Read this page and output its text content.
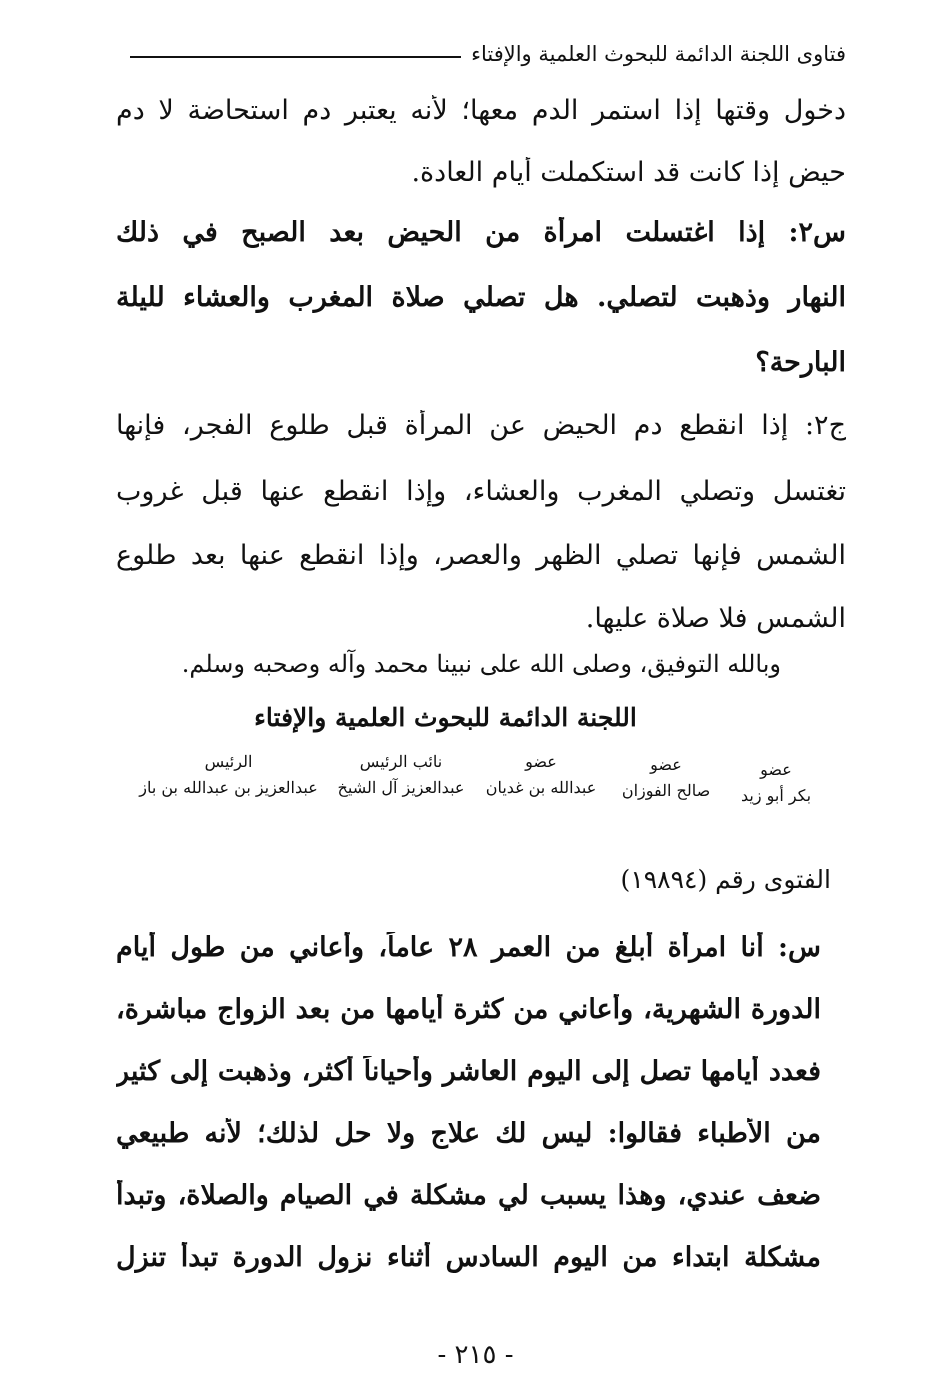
فتاوى اللجنة الدائمة للبحوث العلمية والإفتاء
دخول وقتها إذا استمر الدم معها؛ لأنه يعتبر دم استحاضة لا دم
حيض إذا كانت قد استكملت أيام العادة.
س٢: إذا اغتسلت امرأة من الحيض بعد الصبح في ذلك
النهار وذهبت لتصلي. هل تصلي صلاة المغرب والعشاء لليلة
البارحة؟
ج٢: إذا انقطع دم الحيض عن المرأة قبل طلوع الفجر، فإنها
تغتسل وتصلي المغرب والعشاء، وإذا انقطع عنها قبل غروب
الشمس فإنها تصلي الظهر والعصر، وإذا انقطع عنها بعد طلوع
الشمس فلا صلاة عليها.
وبالله التوفيق، وصلى الله على نبينا محمد وآله وصحبه وسلم.
اللجنة الدائمة للبحوث العلمية والإفتاء
عضو
بكر أبو زيد
عضو
صالح الفوزان
عضو
عبدالله بن غديان
نائب الرئيس
عبدالعزيز آل الشيخ
الرئيس
عبدالعزيز بن عبدالله بن باز
الفتوى رقم (١٩٨٩٤)
س: أنا امرأة أبلغ من العمر ٢٨ عاماً، وأعاني من طول أيام
الدورة الشهرية، وأعاني من كثرة أيامها من بعد الزواج مباشرة،
فعدد أيامها تصل إلى اليوم العاشر وأحياناً أكثر، وذهبت إلى كثير
من الأطباء فقالوا: ليس لك علاج ولا حل لذلك؛ لأنه طبيعي
ضعف عندي، وهذا يسبب لي مشكلة في الصيام والصلاة، وتبدأ
مشكلة ابتداء من اليوم السادس أثناء نزول الدورة تبدأ تنزل
- ٢١٥ -
